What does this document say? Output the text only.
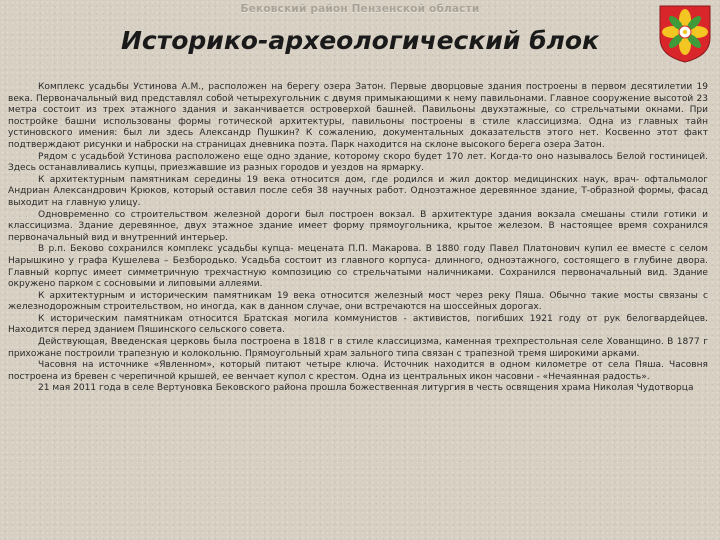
Бековский район Пензенской области
Историко-археологический блок

Комплекс усадьбы Устинова А.М., расположен на берегу озера Затон. Первые дворцовые здания построены в первом десятилетии 19 века. Первоначальный вид представлял собой четырехугольник с двумя примыкающими к нему павильонами. Главное сооружение высотой 23 метра состоит из трех этажного здания и заканчивается островерхой башней. Павильоны двухэтажные, со стрельчатыми окнами. При постройке башни использованы формы готической архитектуры, павильоны построены в стиле классицизма. Одна из главных тайн устиновского имения: был ли здесь Александр Пушкин? К сожалению, документальных доказательств этого нет. Косвенно этот факт подтверждают рисунки и наброски на страницах дневника поэта. Парк находится на склоне высокого берега озера Затон.

Рядом с усадьбой Устинова расположено еще одно здание, которому скоро будет 170 лет. Когда-то оно называлось Белой гостиницей. Здесь останавливались купцы, приезжавшие из разных городов и уездов на ярмарку.

К архитектурным памятникам середины 19 века относится дом, где родился и жил доктор медицинских наук, врач- офтальмолог Андриан Александрович Крюков, который оставил после себя 38 научных работ. Одноэтажное деревянное здание, Т-образной формы, фасад выходит на главную улицу.

Одновременно со строительством железной дороги был построен вокзал. В архитектуре здания вокзала смешаны стили готики и классицизма. Здание деревянное, двух этажное здание имеет форму прямоугольника, крытое железом. В настоящее время сохранился первоначальный вид и внутренний интерьер.

В р.п. Беково сохранился комплекс усадьбы купца- мецената П.П. Макарова. В 1880 году Павел Платонович купил ее вместе с селом Нарышкино у графа Кушелева – Безбородько. Усадьба состоит из главного корпуса- длинного, одноэтажного, состоящего в глубине двора. Главный корпус имеет симметричную трехчастную композицию со стрельчатыми наличниками. Сохранился первоначальный вид. Здание окружено парком с сосновыми и липовыми аллеями.

К архитектурным и историческим памятникам 19 века относится железный мост через реку Пяша. Обычно такие мосты связаны с железнодорожным строительством, но иногда, как в данном случае, они встречаются на шоссейных дорогах.

К историческим памятникам относится Братская могила коммунистов - активистов, погибших 1921 году от рук белогвардейцев. Находится перед зданием Пяшинского сельского совета.

Действующая, Введенская церковь была построена в 1818 г в стиле классицизма, каменная трехпрестольная селе Хованщино. В 1877 г прихожане построили трапезную и колокольню. Прямоугольный храм зального типа связан с трапезной тремя широкими арками.

Часовня на источнике «Явленном», который питают четыре ключа. Источник находится в одном километре от села Пяша. Часовня построена из бревен с черепичной крышей, ее венчает купол с крестом. Одна из центральных икон часовни - «Нечаянная радость».

21 мая 2011 года в селе Вертуновка Бековского района прошла божественная литургия в честь освящения храма Николая Чудотворца
